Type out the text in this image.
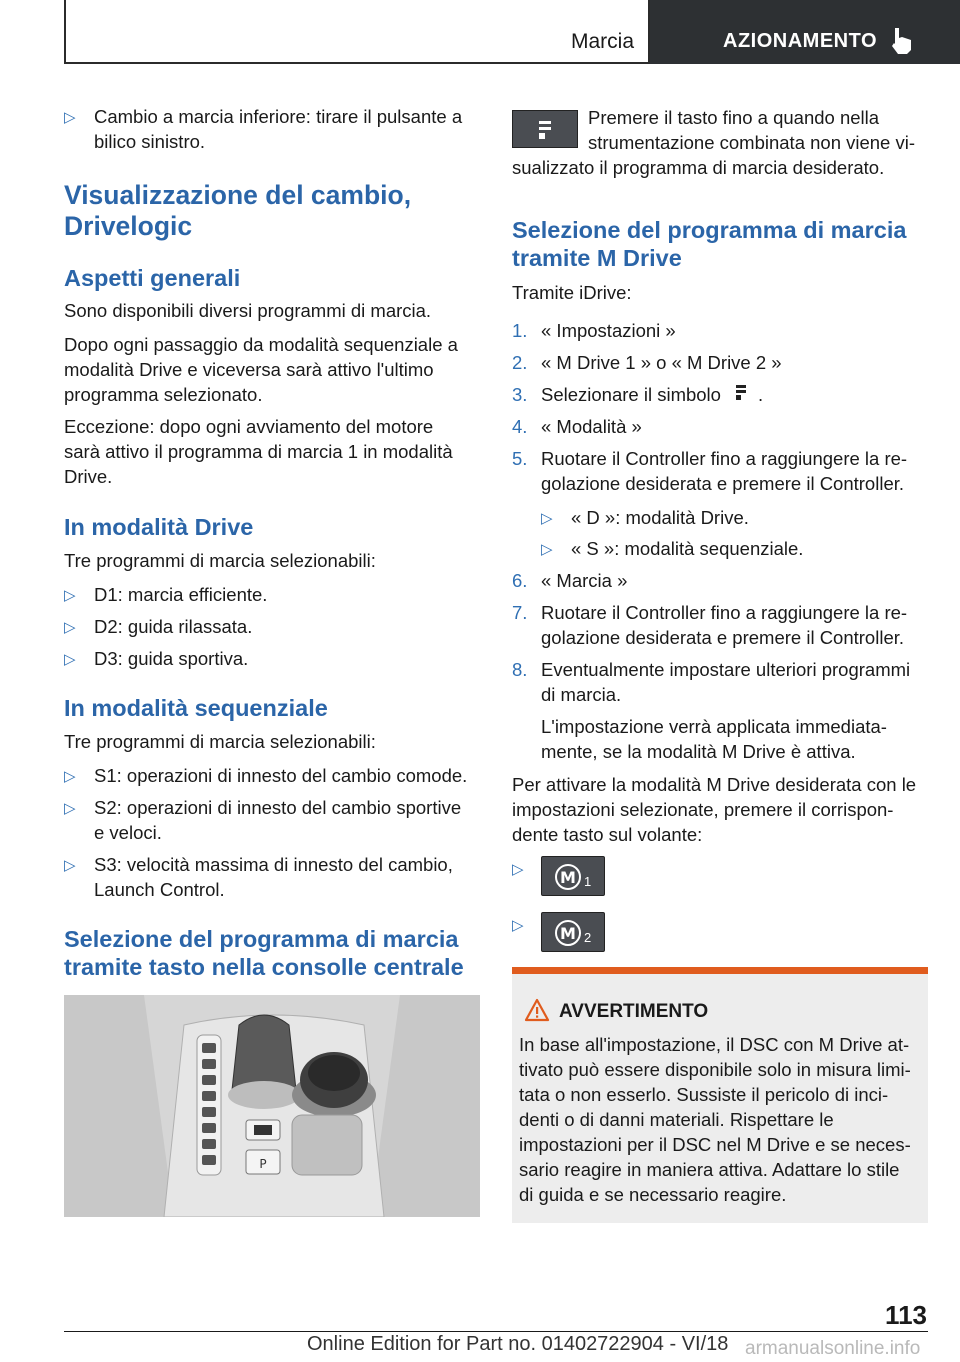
Marcia	AZIONAMENTO
▷ Cambio a marcia inferiore: tirare il pulsante a
bilico sinistro.
Visualizzazione del cambio,
Drivelogic
Aspetti generali
Sono disponibili diversi programmi di marcia.
Dopo ogni passaggio da modalità sequenziale a
modalità Drive e viceversa sarà attivo l'ultimo
programma selezionato.
Eccezione: dopo ogni avviamento del motore
sarà attivo il programma di marcia 1 in modalità
Drive.
In modalità Drive
Tre programmi di marcia selezionabili:
▷ D1: marcia efficiente.
▷ D2: guida rilassata.
▷ D3: guida sportiva.
In modalità sequenziale
Tre programmi di marcia selezionabili:
▷ S1: operazioni di innesto del cambio comode.
▷ S2: operazioni di innesto del cambio sportive
e veloci.
▷ S3: velocità massima di innesto del cambio,
Launch Control.
Selezione del programma di marcia
tramite tasto nella consolle centrale
P
Premere il tasto fino a quando nella
strumentazione combinata non viene vi-
sualizzato il programma di marcia desiderato.
Selezione del programma di marcia
tramite M Drive
Tramite iDrive:
1. « Impostazioni »
2. « M Drive 1 » o « M Drive 2 »
3. Selezionare il simbolo .
4. « Modalità »
5. Ruotare il Controller fino a raggiungere la re-
golazione desiderata e premere il Controller.
▷ « D »: modalità Drive.
▷ « S »: modalità sequenziale.
6. « Marcia »
7. Ruotare il Controller fino a raggiungere la re-
golazione desiderata e premere il Controller.
8. Eventualmente impostare ulteriori programmi
di marcia.
L'impostazione verrà applicata immediata-
mente, se la modalità M Drive è attiva.
Per attivare la modalità M Drive desiderata con le
impostazioni selezionate, premere il corrispon-
dente tasto sul volante:
▷ M 1
▷ M 2
AVVERTIMENTO
In base all'impostazione, il DSC con M Drive at-
tivato può essere disponibile solo in misura limi-
tata o non esserlo. Sussiste il pericolo di inci-
denti o di danni materiali. Rispettare le
impostazioni per il DSC nel M Drive e se neces-
sario reagire in maniera attiva. Adattare lo stile
di guida e se necessario reagire.
113
Online Edition for Part no. 01402722904 - VI/18 armanualsonline.info
